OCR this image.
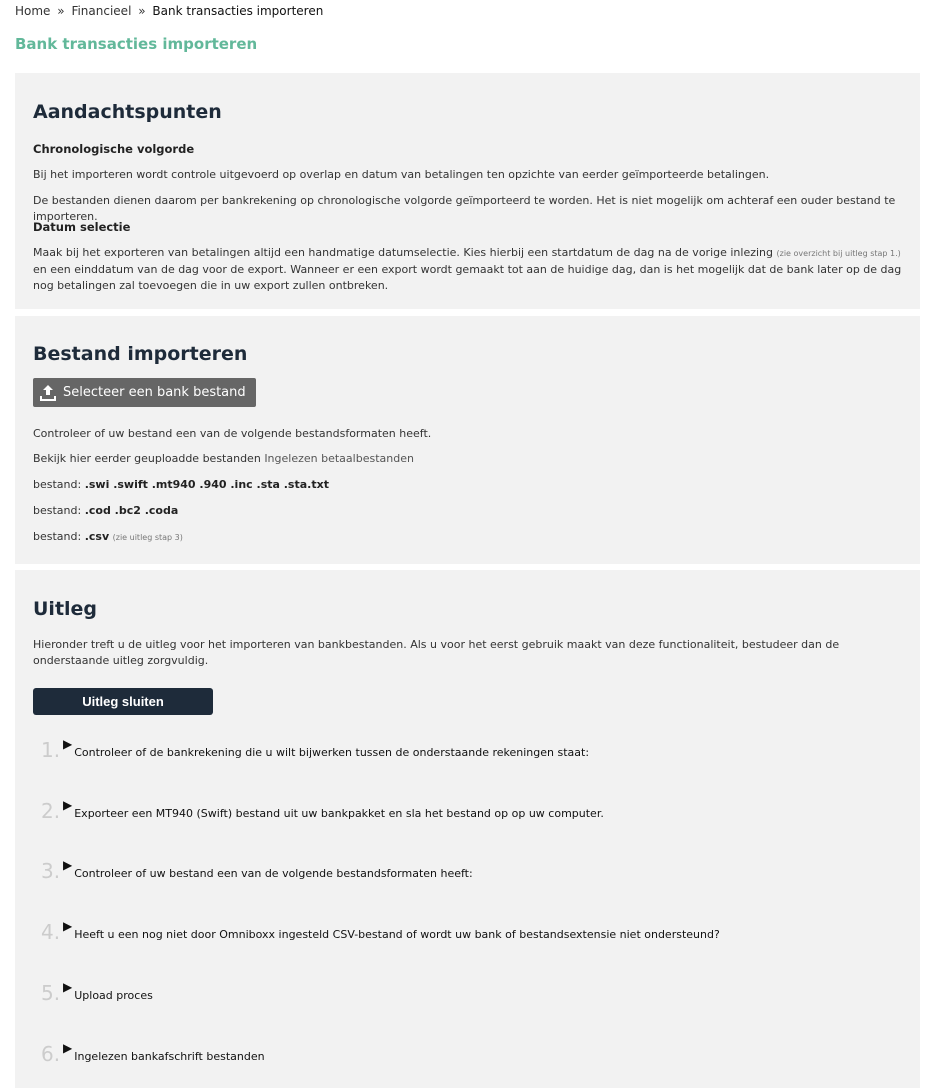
Home » Financieel » Bank transacties importeren
Bank transacties importeren
Aandachtspunten
Chronologische volgorde

Bij het importeren wordt controle uitgevoerd op overlap en datum van betalingen ten opzichte van eerder geïmporteerde betalingen.

De bestanden dienen daarom per bankrekening op chronologische volgorde geïmporteerd te worden. Het is niet mogelijk om achteraf een ouder bestand te importeren.

Datum selectie

Maak bij het exporteren van betalingen altijd een handmatige datumselectie. Kies hierbij een startdatum de dag na de vorige inlezing (zie overzicht bij uitleg stap 1.) en een einddatum van de dag voor de export. Wanneer er een export wordt gemaakt tot aan de huidige dag, dan is het mogelijk dat de bank later op de dag nog betalingen zal toevoegen die in uw export zullen ontbreken.

Bestand importeren
Selecteer een bank bestand

Controleer of uw bestand een van de volgende bestandsformaten heeft.

Bekijk hier eerder geuploadde bestanden Ingelezen betaalbestanden

bestand: .swi .swift .mt940 .940 .inc .sta .sta.txt

bestand: .cod .bc2 .coda

bestand: .csv (zie uitleg stap 3)

Uitleg

Hieronder treft u de uitleg voor het importeren van bankbestanden. Als u voor het eerst gebruik maakt van deze functionaliteit, bestudeer dan de onderstaande uitleg zorgvuldig.

Uitleg sluiten
1. ▶
Controleer of de bankrekening die u wilt bijwerken tussen de onderstaande rekeningen staat:
2. ▶
Exporteer een MT940 (Swift) bestand uit uw bankpakket en sla het bestand op op uw computer.
3. ▶
Controleer of uw bestand een van de volgende bestandsformaten heeft:
4. ▶
Heeft u een nog niet door Omniboxx ingesteld CSV-bestand of wordt uw bank of bestandsextensie niet ondersteund?
5. ▶
Upload proces
6. ▶
Ingelezen bankafschrift bestanden
